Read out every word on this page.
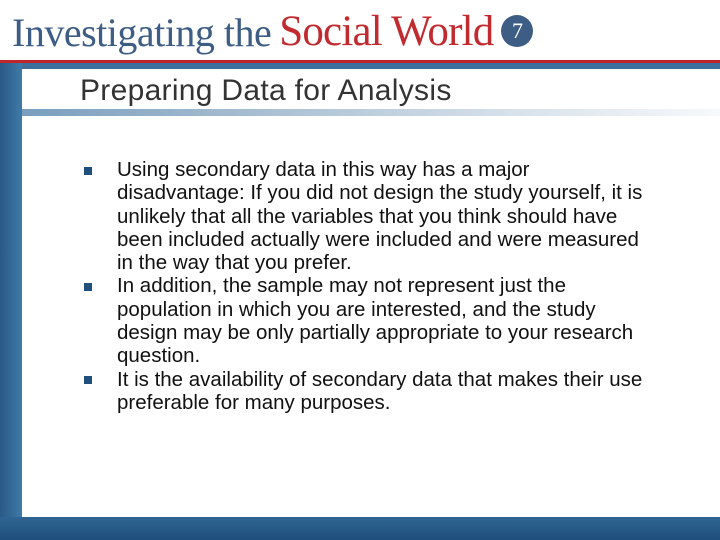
Investigating the Social World 7
Preparing Data for Analysis
Using secondary data in this way has a major disadvantage: If you did not design the study yourself, it is unlikely that all the variables that you think should have been included actually were included and were measured in the way that you prefer.
In addition, the sample may not represent just the population in which you are interested, and the study design may be only partially appropriate to your research question.
It is the availability of secondary data that makes their use preferable for many purposes.
